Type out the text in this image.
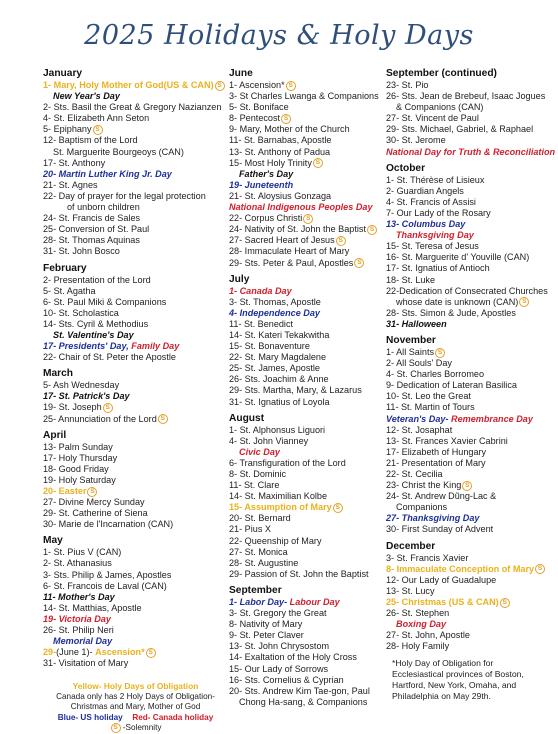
2025 Holidays & Holy Days
January
1- Mary, Holy Mother of God(US & CAN) S
New Year's Day
2- Sts. Basil the Great & Gregory Nazianzen
4- St. Elizabeth Ann Seton
5- Epiphany S
12- Baptism of the Lord
St. Marguerite Bourgeoys (CAN)
17- St. Anthony
20- Martin Luther King Jr. Day
21- St. Agnes
22- Day of prayer for the legal protection
of unborn children
24- St. Francis de Sales
25- Conversion of St. Paul
28- St. Thomas Aquinas
31- St. John Bosco
February
2- Presentation of the Lord
5- St. Agatha
6- St. Paul Miki & Companions
10- St. Scholastica
14- Sts. Cyril & Methodius
St. Valentine's Day
17- Presidents' Day, Family Day
22- Chair of St. Peter the Apostle
March
5- Ash Wednesday
17- St. Patrick's Day
19- St. Joseph S
25- Annunciation of the Lord S
April
13- Palm Sunday
17- Holy Thursday
18- Good Friday
19- Holy Saturday
20- Easter S
27- Divine Mercy Sunday
29- St. Catherine of Siena
30- Marie de l'Incarnation (CAN)
May
1- St. Pius V (CAN)
2- St. Athanasius
3- Sts. Philip & James, Apostles
6- St. Francois de Laval (CAN)
11- Mother's Day
14- St. Matthias, Apostle
19- Victoria Day
26- St. Philip Neri
Memorial Day
29-(June 1)- Ascension* S
31- Visitation of Mary
Yellow- Holy Days of Obligation
Canada only has 2 Holy Days of Obligation-
Christmas and Mary, Mother of God
Blue- US holiday Red- Canada holiday
S -Solemnity
June
1- Ascension* S
3- St Charles Lwanga & Companions
5- St. Boniface
8- Pentecost S
9- Mary, Mother of the Church
11- St. Barnabas, Apostle
13- St. Anthony of Padua
15- Most Holy Trinity S
Father's Day
19- Juneteenth
21- St. Aloysius Gonzaga
National Indigenous Peoples Day
22- Corpus Christi S
24- Nativity of St. John the Baptist S
27- Sacred Heart of Jesus S
28- Immaculate Heart of Mary
29- Sts. Peter & Paul, Apostles S
July
1- Canada Day
3- St. Thomas, Apostle
4- Independence Day
11- St. Benedict
14- St. Kateri Tekakwitha
15- St. Bonaventure
22- St. Mary Magdalene
25- St. James, Apostle
26- Sts. Joachim & Anne
29- Sts. Martha, Mary, & Lazarus
31- St. Ignatius of Loyola
August
1- St. Alphonsus Liguori
4- St. John Vianney
Civic Day
6- Transfiguration of the Lord
8- St. Dominic
11- St. Clare
14- St. Maximilian Kolbe
15- Assumption of Mary S
20- St. Bernard
21- Pius X
22- Queenship of Mary
27- St. Monica
28- St. Augustine
29- Passion of St. John the Baptist
September
1- Labor Day- Labour Day
3- St. Gregory the Great
8- Nativity of Mary
9- St. Peter Claver
13- St. John Chrysostom
14- Exaltation of the Holy Cross
15- Our Lady of Sorrows
16- Sts. Cornelius & Cyprian
20- Sts. Andrew Kim Tae-gon, Paul
Chong Ha-sang, & Companions
September (continued)
23- St. Pio
26- Sts. Jean de Brebeuf, Isaac Jogues
& Companions (CAN)
27- St. Vincent de Paul
29- Sts. Michael, Gabriel, & Raphael
30- St. Jerome
National Day for Truth & Reconciliation
October
1- St. Thérèse of Lisieux
2- Guardian Angels
4- St. Francis of Assisi
7- Our Lady of the Rosary
13- Columbus Day
Thanksgiving Day
15- St. Teresa of Jesus
16- St. Marguerite d' Youville (CAN)
17- St. Ignatius of Antioch
18- St. Luke
22-Dedication of Consecrated Churches
whose date is unknown (CAN) S
28- Sts. Simon & Jude, Apostles
31- Halloween
November
1- All Saints S
2- All Souls' Day
4- St. Charles Borromeo
9- Dedication of Lateran Basilica
10- St. Leo the Great
11- St. Martin of Tours
Veteran's Day- Remembrance Day
12- St. Josaphat
13- St. Frances Xavier Cabrini
17- Elizabeth of Hungary
21- Presentation of Mary
22- St. Cecilia
23- Christ the King S
24- St. Andrew Dũng-Lac &
Companions
27- Thanksgiving Day
30- First Sunday of Advent
December
3- St. Francis Xavier
8- Immaculate Conception of Mary S
12- Our Lady of Guadalupe
13- St. Lucy
25- Christmas (US & CAN) S
26- St. Stephen
Boxing Day
27- St. John, Apostle
28- Holy Family
*Holy Day of Obligation for
Ecclesiastical provinces of Boston,
Hartford, New York, Omaha, and
Philadelphia on May 29th.
